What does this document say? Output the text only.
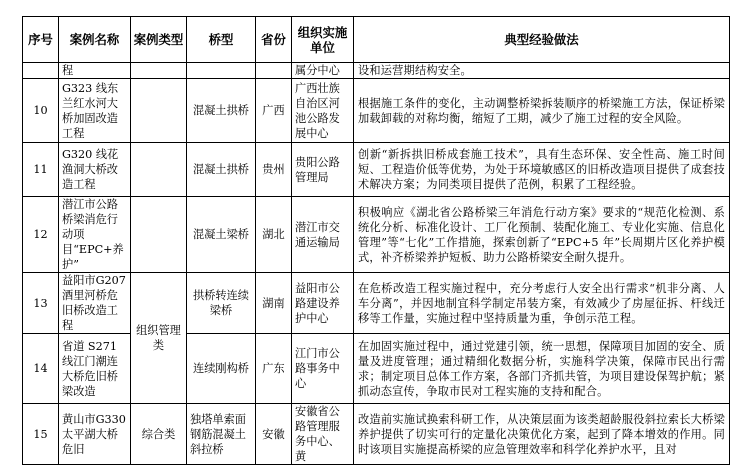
序号	案例名称	案例类型	桥型	省份	组织实施单位	典型经验做法
	程				属分中心	设和运营期结构安全。
10	G323 线东兰红水河大桥加固改造工程		混凝土拱桥	广西	广西壮族自治区河池公路发展中心	根据施工条件的变化，主动调整桥梁拆装顺序的桥梁施工方法，保证桥梁加载卸载的对称均衡，缩短了工期，减少了施工过程的安全风险。
11	G320 线花渔洞大桥改造工程		混凝土拱桥	贵州	贵阳公路管理局	创新“新拆拱旧桥成套施工技术”，具有生态环保、安全性高、施工时间短、工程造价低等优势，为处于环境敏感区的旧桥改造项目提供了成套技术解决方案；为同类项目提供了范例，积累了工程经验。
12	潜江市公路桥梁消危行动项目“EPC+养护”		混凝土梁桥	湖北	潜江市交通运输局	积极响应《湖北省公路桥梁三年消危行动方案》要求的“规范化检测、系统化分析、标准化设计、工厂化预制、装配化施工、专业化实施、信息化管理”等“七化”工作措施，探索创新了“EPC+5 年”长周期片区化养护模式，补齐桥梁养护短板、助力公路桥梁安全耐久提升。
13	益阳市G207 酒里河桥危旧桥改造工程	组织管理类	拱桥转连续梁桥	湖南	益阳市公路建设养护中心	在危桥改造工程实施过程中，充分考虑行人安全出行需求“机非分离、人车分离”，并因地制宜科学制定吊装方案，有效减少了房屋征拆、杆线迁移等工作量，实施过程中坚持质量为重，争创示范工程。
14	省道 S271 线江门潮连大桥危旧桥梁改造		连续刚构桥	广东	江门市公路事务中心	在加固实施过程中，通过党建引领，统一思想，保障项目加固的安全、质量及进度管理；通过精细化数据分析，实施科学决策，保障市民出行需求；制定项目总体工作方案，各部门齐抓共管，为项目建设保驾护航；紧抓动态宣传，争取市民对工程实施的支持和配合。
15	黄山市G330 太平湖大桥危旧	综合类	独塔单索面钢筋混凝土斜拉桥	安徽	安徽省公路管理服务中心、黄	改造前实施试换索科研工作，从决策层面为该类超龄服役斜拉索长大桥梁养护提供了切实可行的定量化决策优化方案，起到了降本增效的作用。同时该项目实施提高桥梁的应急管理效率和科学化养护水平，且对
